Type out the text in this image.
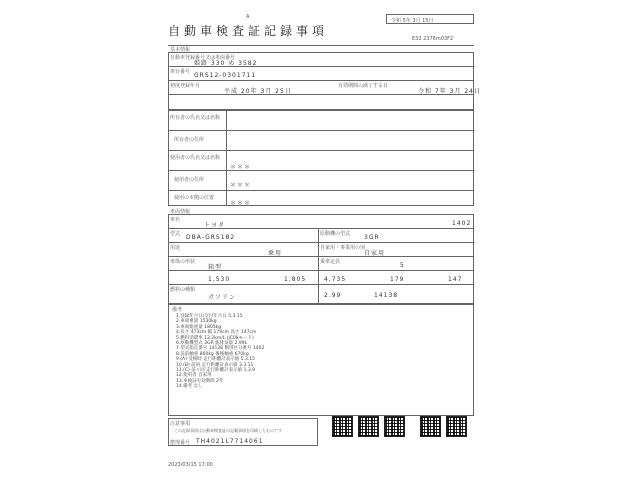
A
自動車検査証記録事項
令和 5年 3月 15日
E32 2376m03F2
基本情報
自動車登録番号又は車両番号
姫路 330 め 3582
車台番号 GRS12-0301711
初度登録年月
平成 20年 3月 25日
有効期間の満了する日
令和 7年 3月 24日
所有者の氏名又は名称
所有者の住所
使用者の氏名又は名称
＊＊＊
使用者の住所
＊＊＊
使用の本拠の位置
＊＊＊
車両情報
車名
トヨタ	1402
型式 DBA-GRS182	原動機の型式 3GR
用途
乗用
自家用・事業用の別
自家用
車体の形状
箱型
乗車定員	5
1,530	1,805	4,735	179	147
燃料の種類
ガソリン	2.99	14138
備考
1.登録年月日/交付年月日 5.3.15
2.車両重量 1530kg
3.車両総重量 1805kg
4.長さ 473cm 幅 179cm 高さ 147cm
5.燃料消費率 12.2km/L (JC08モード)
6.原動機型式 3GR 総排気量 2.99L
7.型式指定番号 14138 類別区分番号 1402
8.前前軸重 860kg 後後軸重 670kg
9.(A) 受検時 走行距離計表示値 5.3.15
10.(B) 前回 走行距離計表示値 3.3.11
11.(C) 前々回 走行距離計表示値 1.3.9
12.使用者 自家用
13.車検証有効期間 2年
14.備考 なし
注意事項
この記録事項は自動車検査証の記載事項を印刷したものです
整理番号 TH4021L7714061
2023/03/15 17:00
